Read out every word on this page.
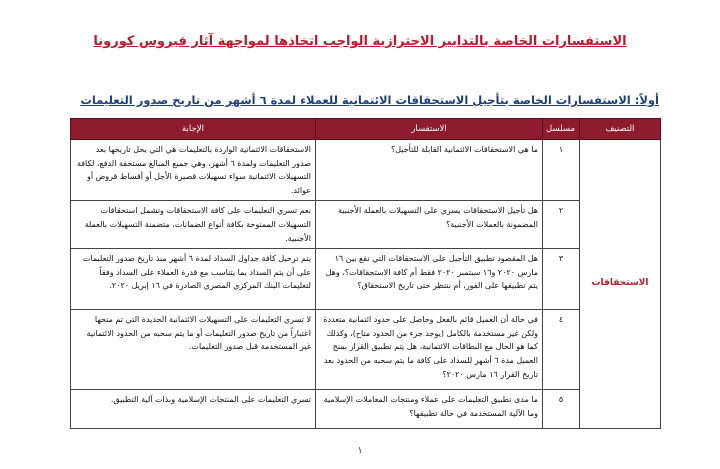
الاستفسارات الخاصة بالتدابير الاحترازية الواجب اتخاذها لمواجهة آثار فيروس كورونا
أولاً: الاستفسارات الخاصة بتأجيل الاستحقاقات الائتمانية للعملاء لمدة ٦ أشهر من تاريخ صدور التعليمات
التصنيف	مسلسل	الاستفسار	الإجابة
الاستحقاقات	١	ما هي الاستحقاقات الائتمانية القابلة للتأجيل؟	الاستحقاقات الائتمانية الواردة بالتعليمات هي التي يحل تاريخها بعد صدور التعليمات ولمدة ٦ أشهر، وهي جميع المبالغ مستحقة الدفع، لكافة التسهيلات الائتمانية سواء تسهيلات قصيرة الأجل أو أقساط قروض أو عوائد.
	٢	هل تأجيل الاستحقاقات يسري على التسهيلات بالعملة الأجنبية المضمونة بالعملات الأجنبية؟	نعم تسري التعليمات على كافة الاستحقاقات وتشمل استحقاقات التسهيلات الممنوحة بكافة أنواع الضمانات، متضمنة التسهيلات بالعملة الأجنبية.
	٣	هل المقصود تطبيق التأجيل على الاستحقاقات التي تقع بين ١٦ مارس ٢٠٢٠ و١٦ سبتمبر ٢٠٢٠ فقط أم كافة الاستحقاقات؟، وهل يتم تطبيقها على الفور، أم ننتظر حتى تاريخ الاستحقاق؟	يتم ترحيل كافة جداول السداد لمدة ٦ أشهر منذ تاريخ صدور التعليمات على أن يتم السداد بما يتناسب مع قدرة العملاء على السداد وفقاً لتعليمات البنك المركزي المصري الصادرة في ١٦ إبريل ٢٠٢٠.
	٤	في حالة أن العميل قائم بالفعل وحاصل على حدود ائتمانية متعددة ولكن غير مستخدمة بالكامل (يوجد جزء من الحدود متاح)، وكذلك كما هو الحال مع البطاقات الائتمانية، هل يتم تطبيق القرار بمنح العميل مدة ٦ أشهر للسداد على كافة ما يتم سحبه من الحدود بعد تاريخ القرار ١٦ مارس ٢٠٢٠؟	لا تسري التعليمات على التسهيلات الائتمانية الجديدة التي تم منحها اعتباراً من تاريخ صدور التعليمات أو ما يتم سحبه من الحدود الائتمانية غير المستخدمة قبل صدور التعليمات.
	٥	ما مدى تطبيق التعليمات على عملاء ومنتجات المعاملات الإسلامية وما الآلية المستخدمة في حالة تطبيقها؟	تسري التعليمات على المنتجات الإسلامية وبذات آلية التطبيق.
١
